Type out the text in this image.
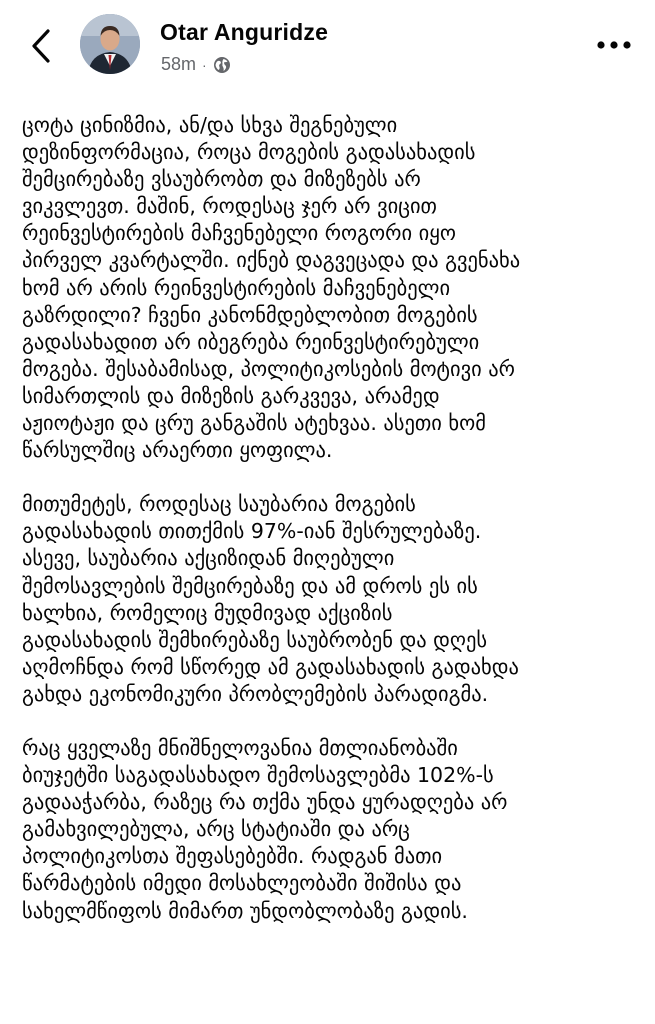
Otar Anguridze
58m ·

ცოტა ცინიზმია, ან/და სხვა შეგნებული
დეზინფორმაცია, როცა მოგების გადასახადის
შემცირებაზე ვსაუბრობთ და მიზეზებს არ
ვიკვლევთ. მაშინ, როდესაც ჯერ არ ვიცით
რეინვესტირების მაჩვენებელი როგორი იყო
პირველ კვარტალში. იქნებ დაგვეცადა და გვენახა
ხომ არ არის რეინვესტირების მაჩვენებელი
გაზრდილი? ჩვენი კანონმდებლობით მოგების
გადასახადით არ იბეგრება რეინვესტირებული
მოგება. შესაბამისად, პოლიტიკოსების მოტივი არ
სიმართლის და მიზეზის გარკვევა, არამედ
აჟიოტაჟი და ცრუ განგაშის ატეხვაა. ასეთი ხომ
წარსულშიც არაერთი ყოფილა.

მითუმეტეს, როდესაც საუბარია მოგების
გადასახადის თითქმის 97%-იან შესრულებაზე.
ასევე, საუბარია აქციზიდან მიღებული
შემოსავლების შემცირებაზე და ამ დროს ეს ის
ხალხია, რომელიც მუდმივად აქციზის
გადასახადის შემხირებაზე საუბრობენ და დღეს
აღმოჩნდა რომ სწორედ ამ გადასახადის გადახდა
გახდა ეკონომიკური პრობლემების პარადიგმა.

რაც ყველაზე მნიშნელოვანია მთლიანობაში
ბიუჯეტში საგადასახადო შემოსავლებმა 102%-ს
გადააჭარბა, რაზეც რა თქმა უნდა ყურადღება არ
გამახვილებულა, არც სტატიაში და არც
პოლიტიკოსთა შეფასებებში. რადგან მათი
წარმატების იმედი მოსახლეობაში შიშისა და
სახელმწიფოს მიმართ უნდობლობაზე გადის.
